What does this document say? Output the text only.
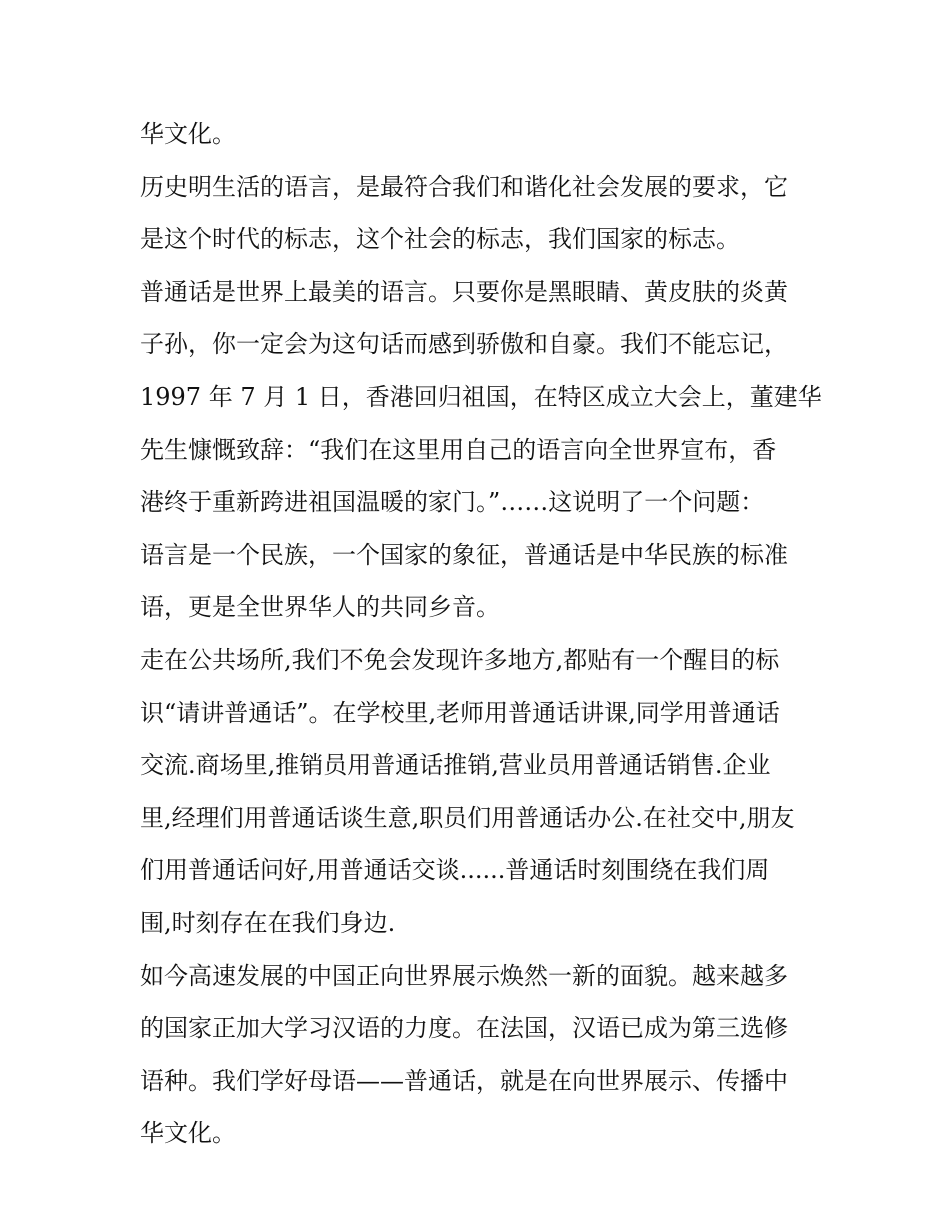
华文化。
历史明生活的语言，是最符合我们和谐化社会发展的要求，它
是这个时代的标志，这个社会的标志，我们国家的标志。
普通话是世界上最美的语言。只要你是黑眼睛、黄皮肤的炎黄
子孙，你一定会为这句话而感到骄傲和自豪。我们不能忘记，
1997 年 7 月 1 日，香港回归祖国，在特区成立大会上，董建华
先生慷慨致辞：“我们在这里用自己的语言向全世界宣布，香
港终于重新跨进祖国温暖的家门。”……这说明了一个问题：
语言是一个民族，一个国家的象征，普通话是中华民族的标准
语，更是全世界华人的共同乡音。
走在公共场所,我们不免会发现许多地方,都贴有一个醒目的标
识“请讲普通话”。在学校里,老师用普通话讲课,同学用普通话
交流.商场里,推销员用普通话推销,营业员用普通话销售.企业
里,经理们用普通话谈生意,职员们用普通话办公.在社交中,朋友
们用普通话问好,用普通话交谈......普通话时刻围绕在我们周
围,时刻存在在我们身边.
如今高速发展的中国正向世界展示焕然一新的面貌。越来越多
的国家正加大学习汉语的力度。在法国，汉语已成为第三选修
语种。我们学好母语——普通话，就是在向世界展示、传播中
华文化。
